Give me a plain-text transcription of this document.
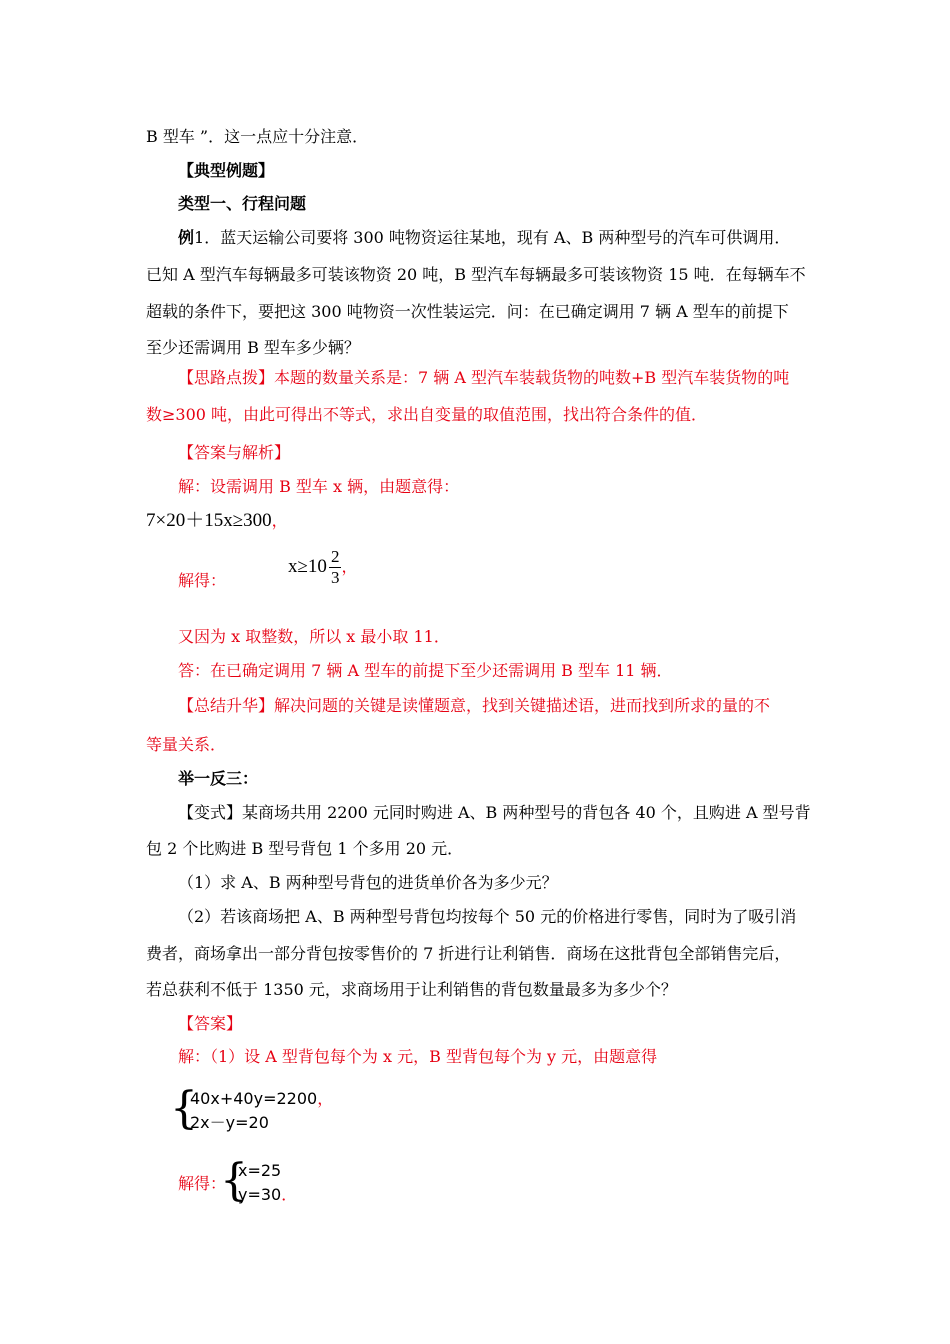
B 型车 ”．这一点应十分注意．
【典型例题】
类型一、行程问题
例1．蓝天运输公司要将 300 吨物资运往某地，现有 A、B 两种型号的汽车可供调用．
已知 A 型汽车每辆最多可装该物资 20 吨，B 型汽车每辆最多可装该物资 15 吨．在每辆车不
超载的条件下，要把这 300 吨物资一次性装运完．问：在已确定调用 7 辆 A 型车的前提下
至少还需调用 B 型车多少辆？
【思路点拨】本题的数量关系是：7 辆 A 型汽车装载货物的吨数+B 型汽车装货物的吨
数≥300 吨，由此可得出不等式，求出自变量的取值范围，找出符合条件的值．
【答案与解析】
解：设需调用 B 型车 x 辆，由题意得：
7×20＋15x≥300，
解得：
$x\ge 10 \frac{2}{3}$ ，
又因为 x 取整数，所以 x 最小取 11．
答：在已确定调用 7 辆 A 型车的前提下至少还需调用 B 型车 11 辆．
【总结升华】解决问题的关键是读懂题意，找到关键描述语，进而找到所求的量的不
等量关系．
举一反三：
【变式】某商场共用 2200 元同时购进 A、B 两种型号的背包各 40 个，且购进 A 型号背
包 2 个比购进 B 型号背包 1 个多用 20 元．
（1）求 A、B 两种型号背包的进货单价各为多少元？
（2）若该商场把 A、B 两种型号背包均按每个 50 元的价格进行零售，同时为了吸引消
费者，商场拿出一部分背包按零售价的 7 折进行让利销售．商场在这批背包全部销售完后，
若总获利不低于 1350 元，求商场用于让利销售的背包数量最多为多少个？
【答案】
解：（1）设 A 型背包每个为 x 元，B 型背包每个为 y 元，由题意得
{
40x+40y=2200，
2x－y=20
解得：
{
x=25
y=30．
